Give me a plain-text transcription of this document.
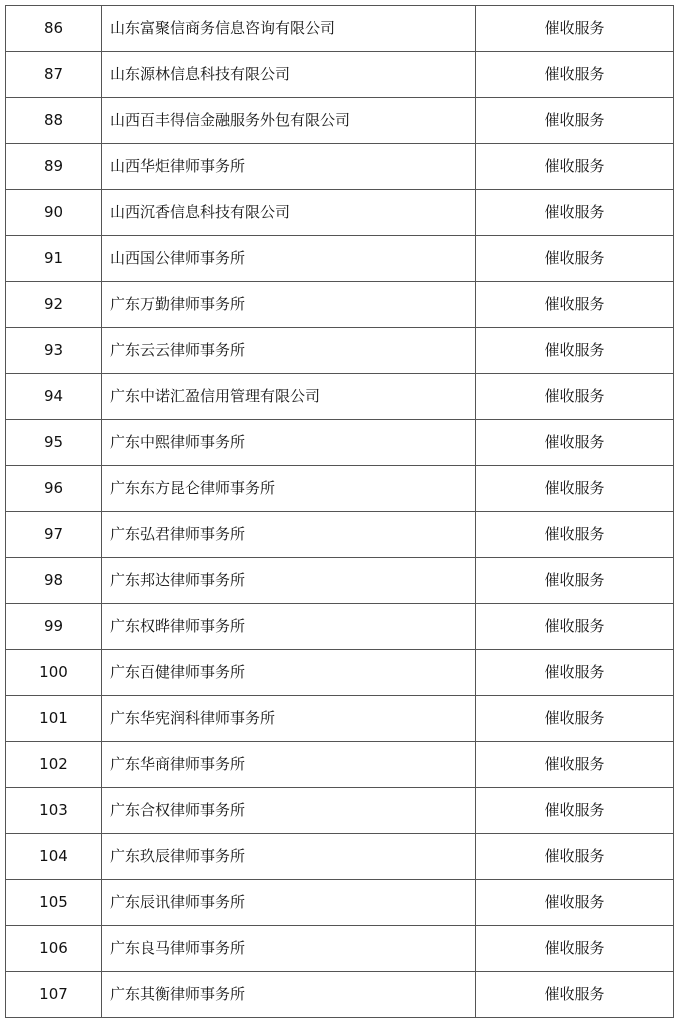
86	山东富聚信商务信息咨询有限公司	催收服务
87	山东源林信息科技有限公司	催收服务
88	山西百丰得信金融服务外包有限公司	催收服务
89	山西华炬律师事务所	催收服务
90	山西沉香信息科技有限公司	催收服务
91	山西国公律师事务所	催收服务
92	广东万勤律师事务所	催收服务
93	广东云云律师事务所	催收服务
94	广东中诺汇盈信用管理有限公司	催收服务
95	广东中熙律师事务所	催收服务
96	广东东方昆仑律师事务所	催收服务
97	广东弘君律师事务所	催收服务
98	广东邦达律师事务所	催收服务
99	广东权晔律师事务所	催收服务
100	广东百健律师事务所	催收服务
101	广东华宪润科律师事务所	催收服务
102	广东华商律师事务所	催收服务
103	广东合权律师事务所	催收服务
104	广东玖辰律师事务所	催收服务
105	广东辰讯律师事务所	催收服务
106	广东良马律师事务所	催收服务
107	广东其衡律师事务所	催收服务
